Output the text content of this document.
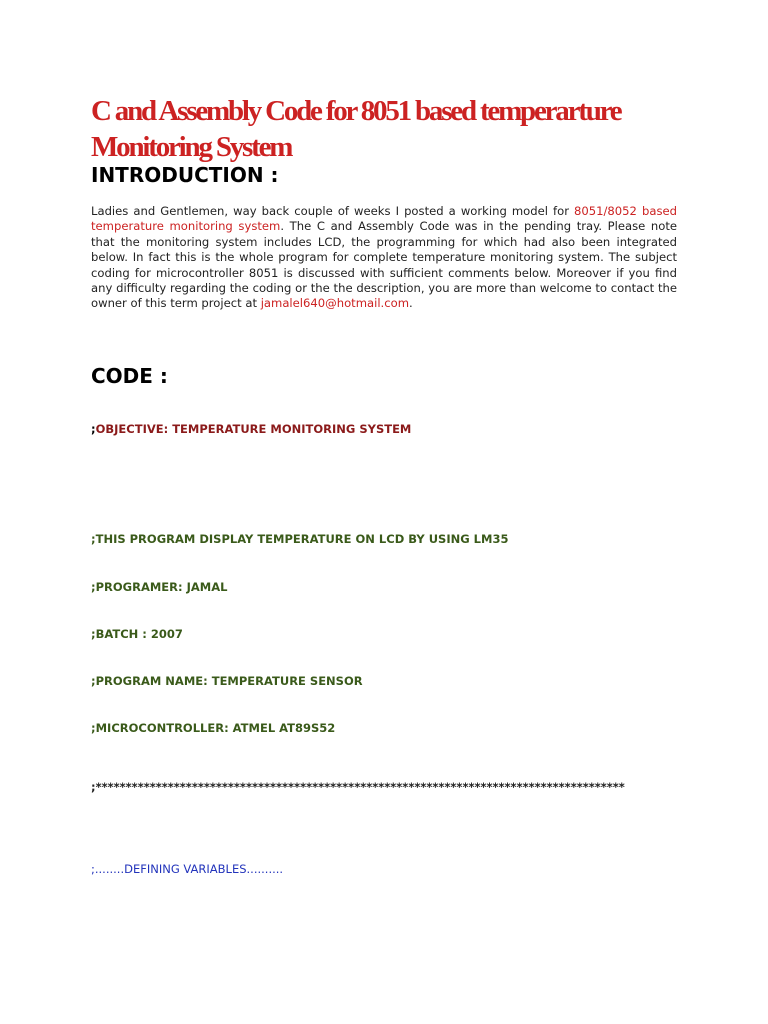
C and Assembly Code for 8051 based temperarture Monitoring System
INTRODUCTION :

Ladies and Gentlemen, way back couple of weeks I posted a working model for 8051/8052 based temperature monitoring system. The C and Assembly Code was in the pending tray. Please note that the monitoring system includes LCD, the programming for which had also been integrated below. In fact this is the whole program for complete temperature monitoring system. The subject coding for microcontroller 8051 is discussed with sufficient comments below. Moreover if you find any difficulty regarding the coding or the the description, you are more than welcome to contact the owner of this term project at jamalel640@hotmail.com.

CODE :

;OBJECTIVE: TEMPERATURE MONITORING SYSTEM

;THIS PROGRAM DISPLAY TEMPERATURE ON LCD BY USING LM35

;PROGRAMER: JAMAL

;BATCH : 2007

;PROGRAM NAME: TEMPERATURE SENSOR

;MICROCONTROLLER: ATMEL AT89S52

;****************************************************************************************

;........DEFINING VARIABLES..........
